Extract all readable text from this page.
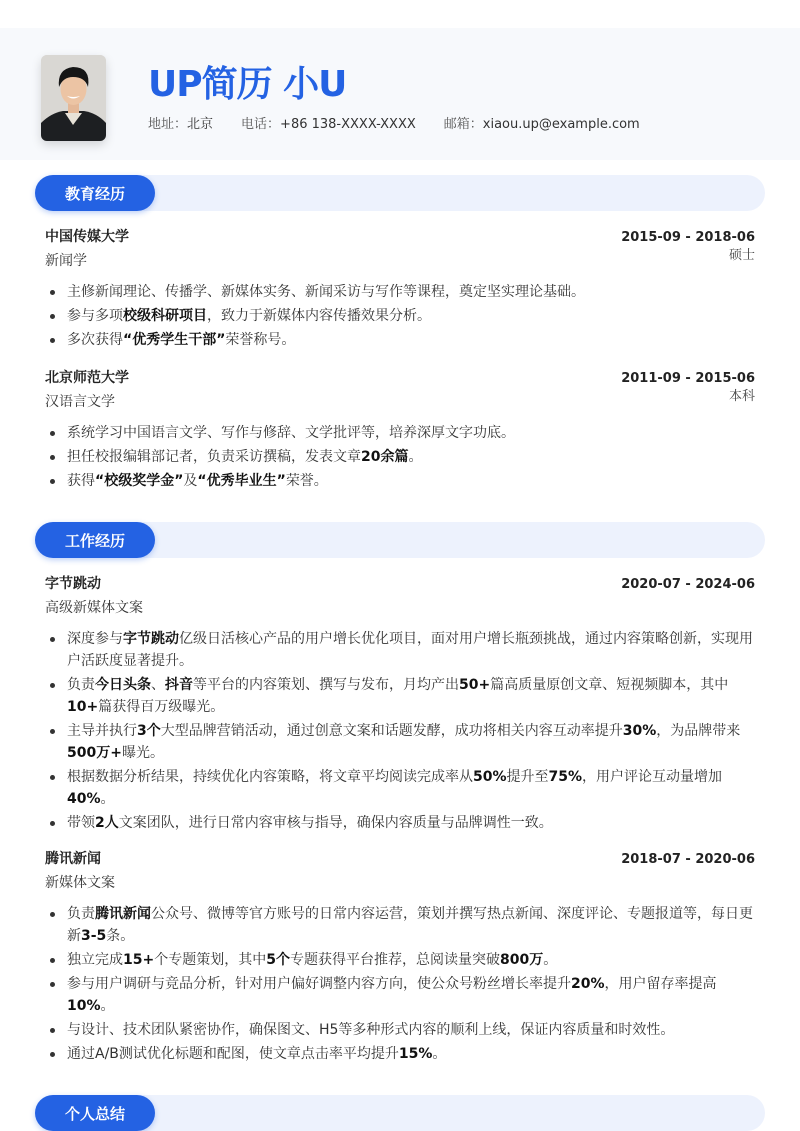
UP简历 小U
地址：北京 电话：+86 138-XXXX-XXXX 邮箱：xiaou.up@example.com
教育经历
中国传媒大学	2015-09 - 2018-06
新闻学	硕士
主修新闻理论、传播学、新媒体实务、新闻采访与写作等课程，奠定坚实理论基础。
参与多项校级科研项目，致力于新媒体内容传播效果分析。
多次获得“优秀学生干部”荣誉称号。
北京师范大学	2011-09 - 2015-06
汉语言文学	本科
系统学习中国语言文学、写作与修辞、文学批评等，培养深厚文字功底。
担任校报编辑部记者，负责采访撰稿，发表文章20余篇。
获得“校级奖学金”及“优秀毕业生”荣誉。
工作经历
字节跳动	2020-07 - 2024-06
高级新媒体文案
深度参与字节跳动亿级日活核心产品的用户增长优化项目，面对用户增长瓶颈挑战，通过内容策略创新，实现用户活跃度显著提升。
负责今日头条、抖音等平台的内容策划、撰写与发布，月均产出50+篇高质量原创文章、短视频脚本，其中10+篇获得百万级曝光。
主导并执行3个大型品牌营销活动，通过创意文案和话题发酵，成功将相关内容互动率提升30%，为品牌带来500万+曝光。
根据数据分析结果，持续优化内容策略，将文章平均阅读完成率从50%提升至75%，用户评论互动量增加40%。
带领2人文案团队，进行日常内容审核与指导，确保内容质量与品牌调性一致。
腾讯新闻	2018-07 - 2020-06
新媒体文案
负责腾讯新闻公众号、微博等官方账号的日常内容运营，策划并撰写热点新闻、深度评论、专题报道等，每日更新3-5条。
独立完成15+个专题策划，其中5个专题获得平台推荐，总阅读量突破800万。
参与用户调研与竞品分析，针对用户偏好调整内容方向，使公众号粉丝增长率提升20%，用户留存率提高10%。
与设计、技术团队紧密协作，确保图文、H5等多种形式内容的顺利上线，保证内容质量和时效性。
通过A/B测试优化标题和配图，使文章点击率平均提升15%。
个人总结
